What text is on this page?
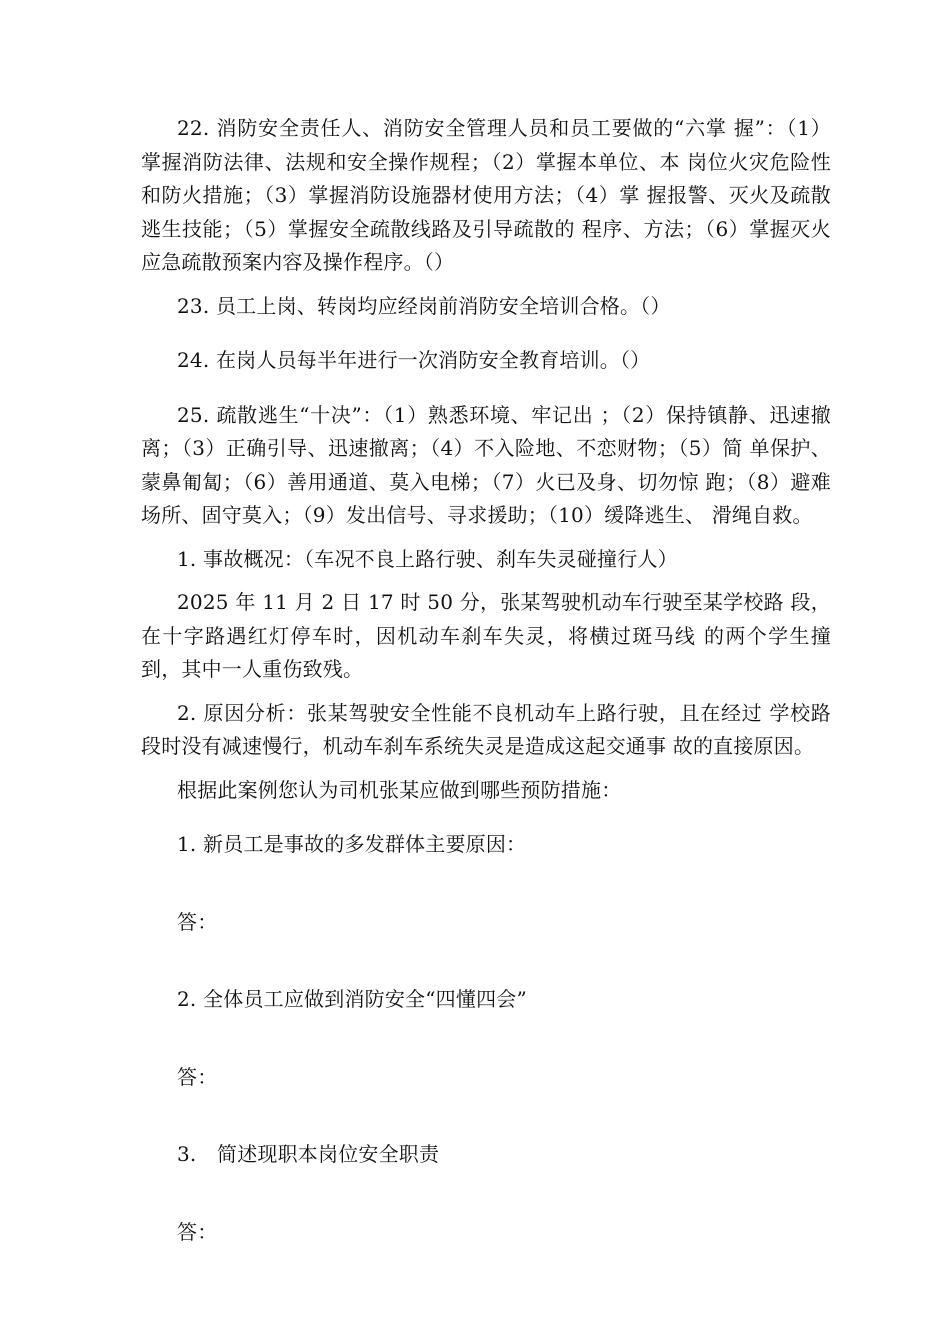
22. 消防安全责任人、消防安全管理人员和员工要做的“六掌 握”：（1）掌握消防法律、法规和安全操作规程；（2）掌握本单位、本 岗位火灾危险性和防火措施；（3）掌握消防设施器材使用方法；（4）掌 握报警、灭火及疏散逃生技能；（5）掌握安全疏散线路及引导疏散的 程序、方法；（6）掌握灭火应急疏散预案内容及操作程序。（）

23. 员工上岗、转岗均应经岗前消防安全培训合格。（）

24. 在岗人员每半年进行一次消防安全教育培训。（）

25. 疏散逃生“十决”：（1）熟悉环境、牢记出 ；（2）保持镇静、迅速撤离；（3）正确引导、迅速撤离；（4）不入险地、不恋财物；（5）简 单保护、蒙鼻匍匐；（6）善用通道、莫入电梯；（7）火已及身、切勿惊 跑；（8）避难场所、固守莫入；（9）发出信号、寻求援助；（10）缓降逃生、 滑绳自救。

1. 事故概况：（车况不良上路行驶、刹车失灵碰撞行人）

2025 年 11 月 2 日 17 时 50 分，张某驾驶机动车行驶至某学校路 段，在十字路遇红灯停车时，因机动车刹车失灵，将横过斑马线 的两个学生撞到，其中一人重伤致残。

2. 原因分析：张某驾驶安全性能不良机动车上路行驶，且在经过 学校路段时没有减速慢行，机动车刹车系统失灵是造成这起交通事 故的直接原因。

根据此案例您认为司机张某应做到哪些预防措施：

1. 新员工是事故的多发群体主要原因：

答：

2. 全体员工应做到消防安全“四懂四会”

答：

3. 简述现职本岗位安全职责

答：
